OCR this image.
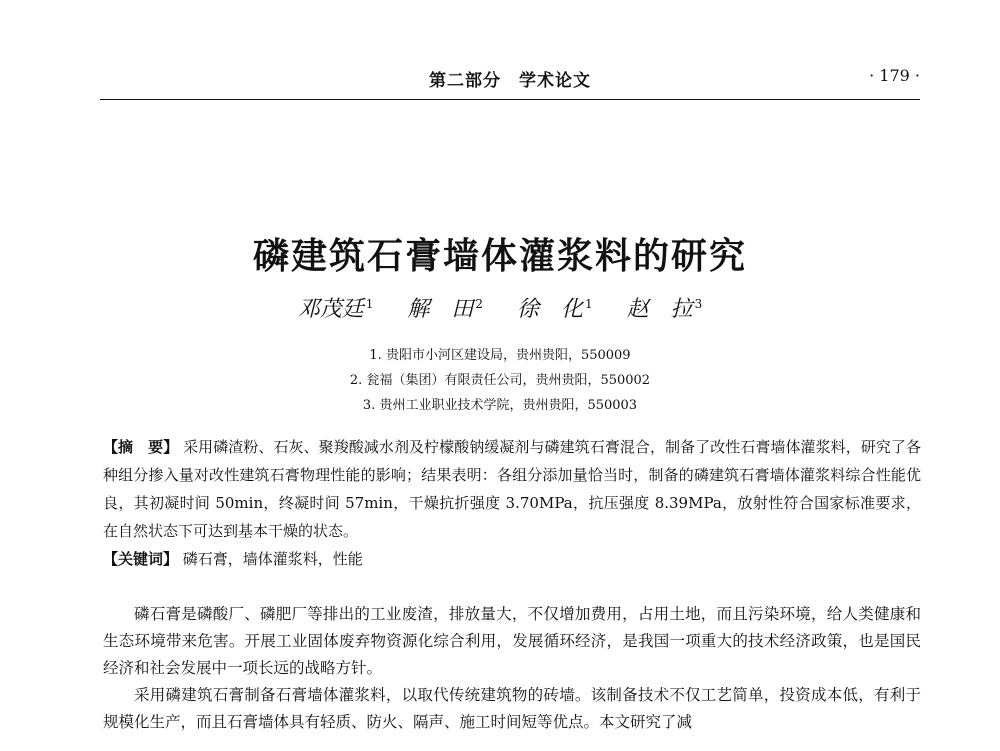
第二部分　学术论文	· 179 ·
磷建筑石膏墙体灌浆料的研究
邓茂廷 $^1$ 解　田 $^2$ 徐　化 $^1$ 赵　拉 $^3$
1. 贵阳市小河区建设局，贵州贵阳，550009
2. 瓮福（集团）有限责任公司，贵州贵阳，550002
3. 贵州工业职业技术学院，贵州贵阳，550003
【摘　要】 采用磷渣粉、石灰、聚羧酸减水剂及柠檬酸钠缓凝剂与磷建筑石膏混合，制备了改性石膏墙体灌浆料，研究了各种组分掺入量对改性建筑石膏物理性能的影响；结果表明：各组分添加量恰当时，制备的磷建筑石膏墙体灌浆料综合性能优良，其初凝时间 50min，终凝时间 57min，干燥抗折强度 3.70MPa，抗压强度 8.39MPa，放射性符合国家标准要求，在自然状态下可达到基本干燥的状态。
【关键词】 磷石膏，墙体灌浆料，性能

磷石膏是磷酸厂、磷肥厂等排出的工业废渣，排放量大，不仅增加费用，占用土地，而且污染环境，给人类健康和生态环境带来危害。开展工业固体废弃物资源化综合利用，发展循环经济，是我国一项重大的技术经济政策，也是国民经济和社会发展中一项长远的战略方针。

采用磷建筑石膏制备石膏墙体灌浆料，以取代传统建筑物的砖墙。该制备技术不仅工艺简单，投资成本低，有利于规模化生产，而且石膏墙体具有轻质、防火、隔声、施工时间短等优点。本文研究了减
